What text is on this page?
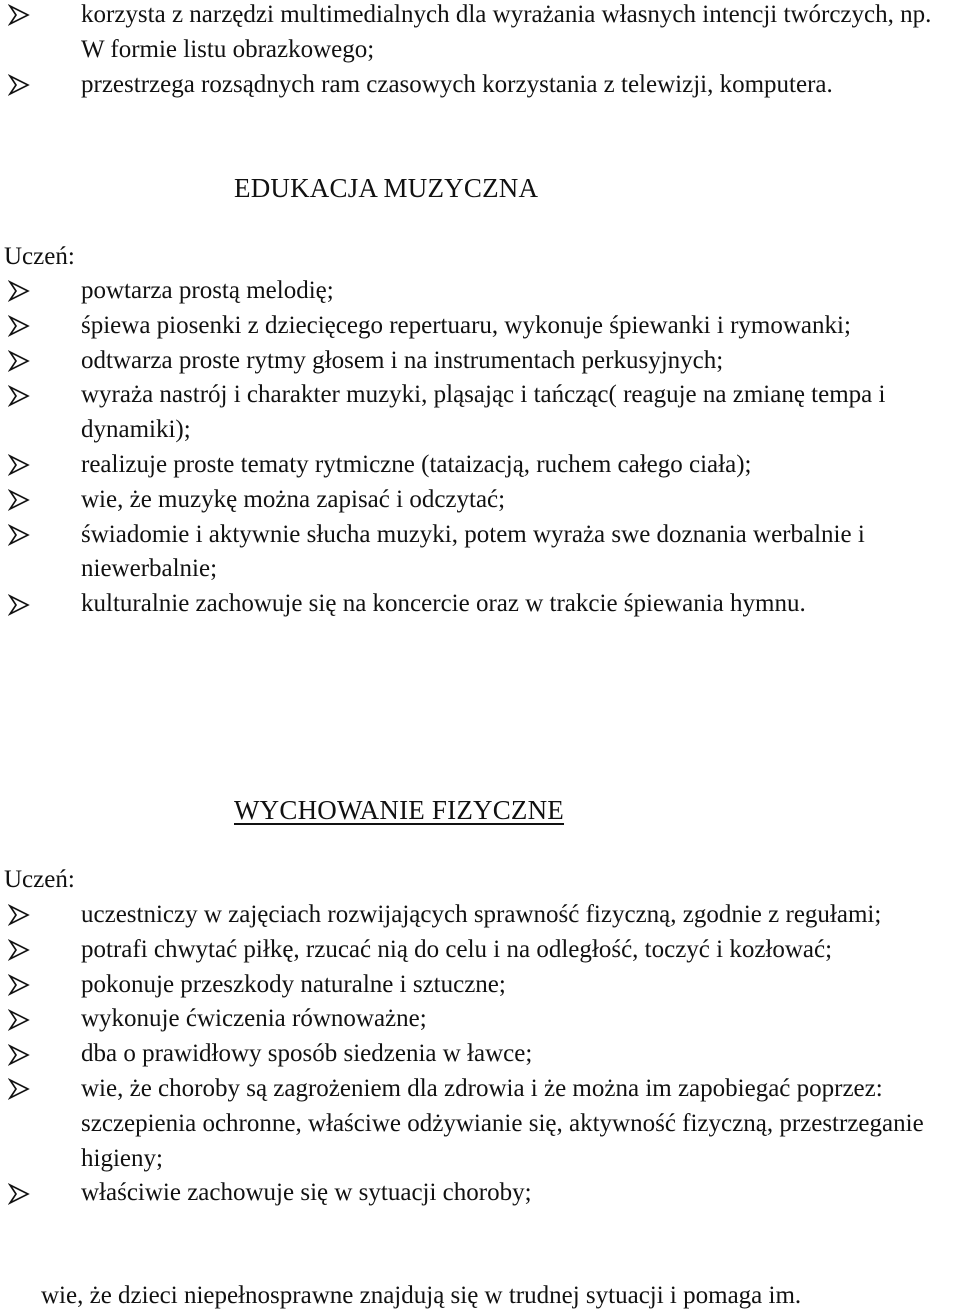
korzysta z narzędzi multimedialnych dla wyrażania własnych intencji twórczych, np. W formie listu obrazkowego;
przestrzega rozsądnych ram czasowych korzystania z telewizji, komputera.
EDUKACJA MUZYCZNA
Uczeń:
powtarza prostą melodię;
śpiewa piosenki z dziecięcego repertuaru, wykonuje śpiewanki i rymowanki;
odtwarza proste rytmy głosem i na instrumentach perkusyjnych;
wyraża nastrój i charakter muzyki, pląsając i tańcząc( reaguje na zmianę tempa i dynamiki);
realizuje proste tematy rytmiczne (tataizacją, ruchem całego ciała);
wie, że muzykę można zapisać i odczytać;
świadomie i aktywnie słucha muzyki, potem wyraża swe doznania werbalnie i niewerbalnie;
kulturalnie zachowuje się na koncercie oraz w trakcie śpiewania hymnu.
WYCHOWANIE FIZYCZNE
Uczeń:
uczestniczy w zajęciach rozwijających sprawność fizyczną, zgodnie z regułami;
potrafi chwytać piłkę, rzucać nią do celu i na odległość, toczyć i kozłować;
pokonuje przeszkody naturalne i sztuczne;
wykonuje ćwiczenia równoważne;
dba o prawidłowy sposób siedzenia w ławce;
wie, że choroby są zagrożeniem dla zdrowia i że można im zapobiegać poprzez: szczepienia ochronne, właściwe odżywianie się, aktywność fizyczną, przestrzeganie higieny;
właściwie zachowuje się w sytuacji choroby;
wie, że dzieci niepełnosprawne znajdują się w trudnej sytuacji i pomaga im.
